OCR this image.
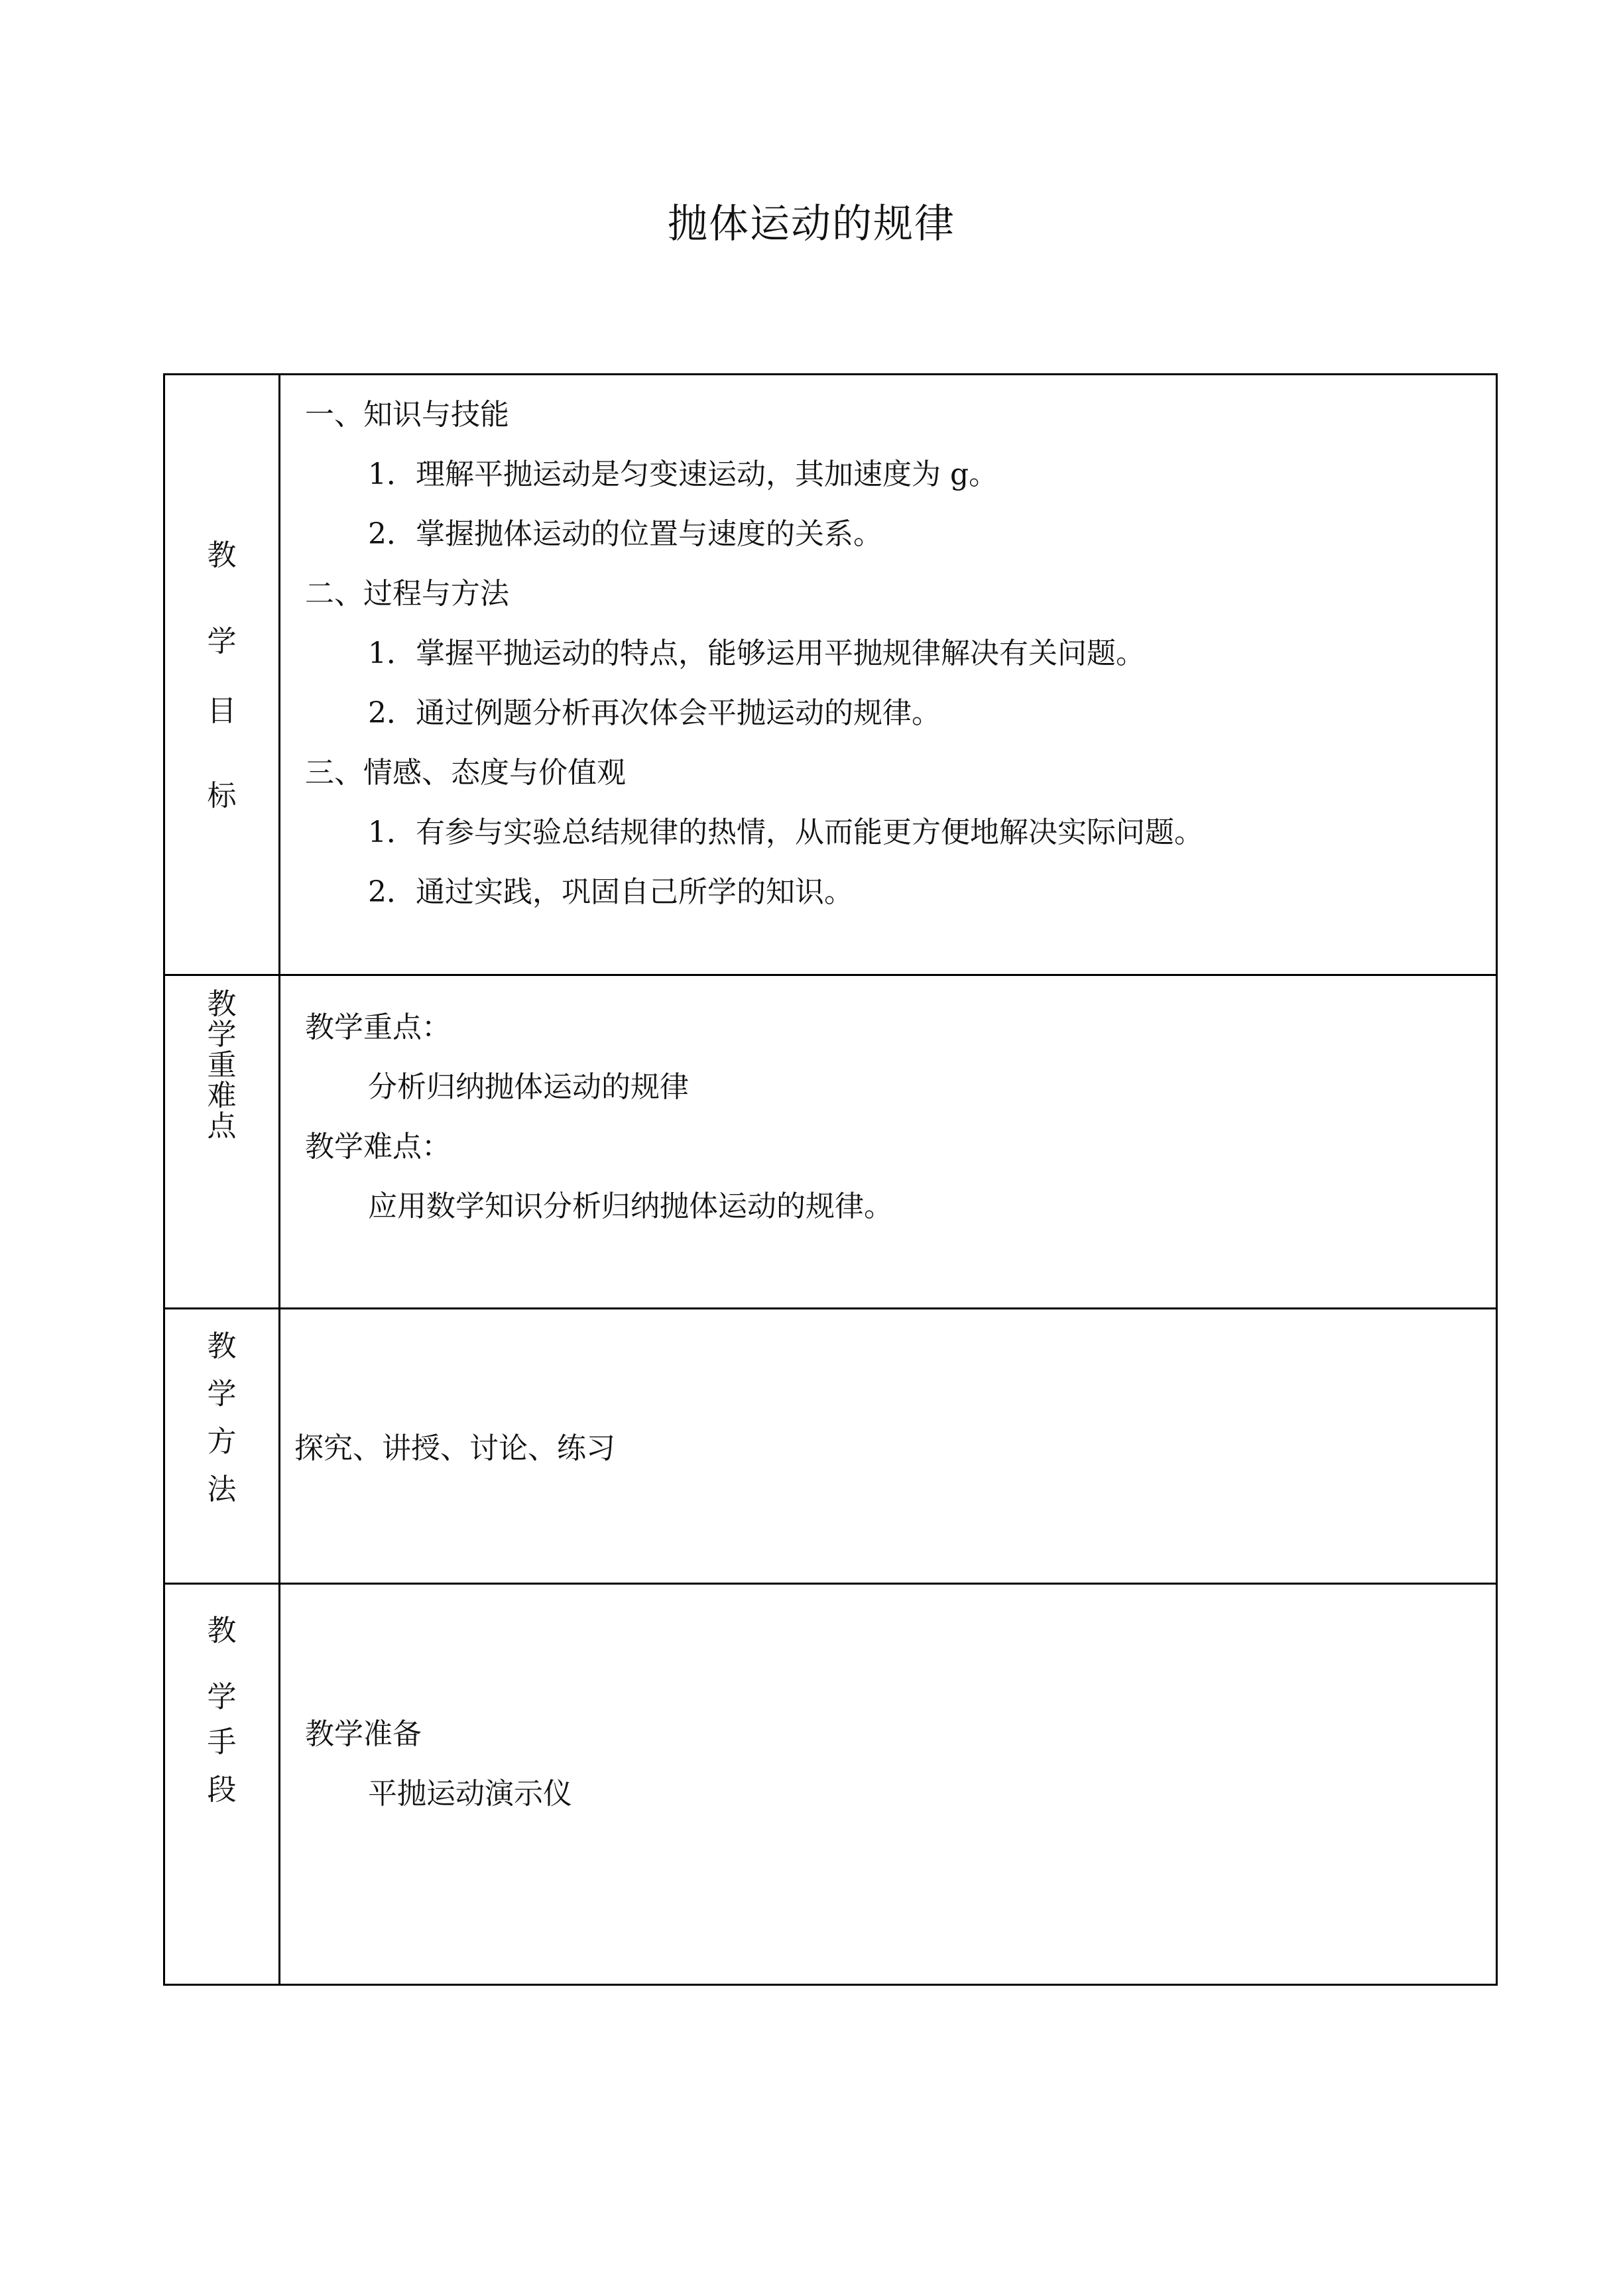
抛体运动的规律
教
学
目
标
一、知识与技能
1．理解平抛运动是匀变速运动，其加速度为 g。
2．掌握抛体运动的位置与速度的关系。
二、过程与方法
1．掌握平抛运动的特点，能够运用平抛规律解决有关问题。
2．通过例题分析再次体会平抛运动的规律。
三、情感、态度与价值观
1．有参与实验总结规律的热情，从而能更方便地解决实际问题。
2．通过实践，巩固自己所学的知识。
教
学
重
难
点
教学重点：
分析归纳抛体运动的规律
教学难点：
应用数学知识分析归纳抛体运动的规律。
教
学
方
法
探究、讲授、讨论、练习
教
学
手
段
教学准备
平抛运动演示仪
